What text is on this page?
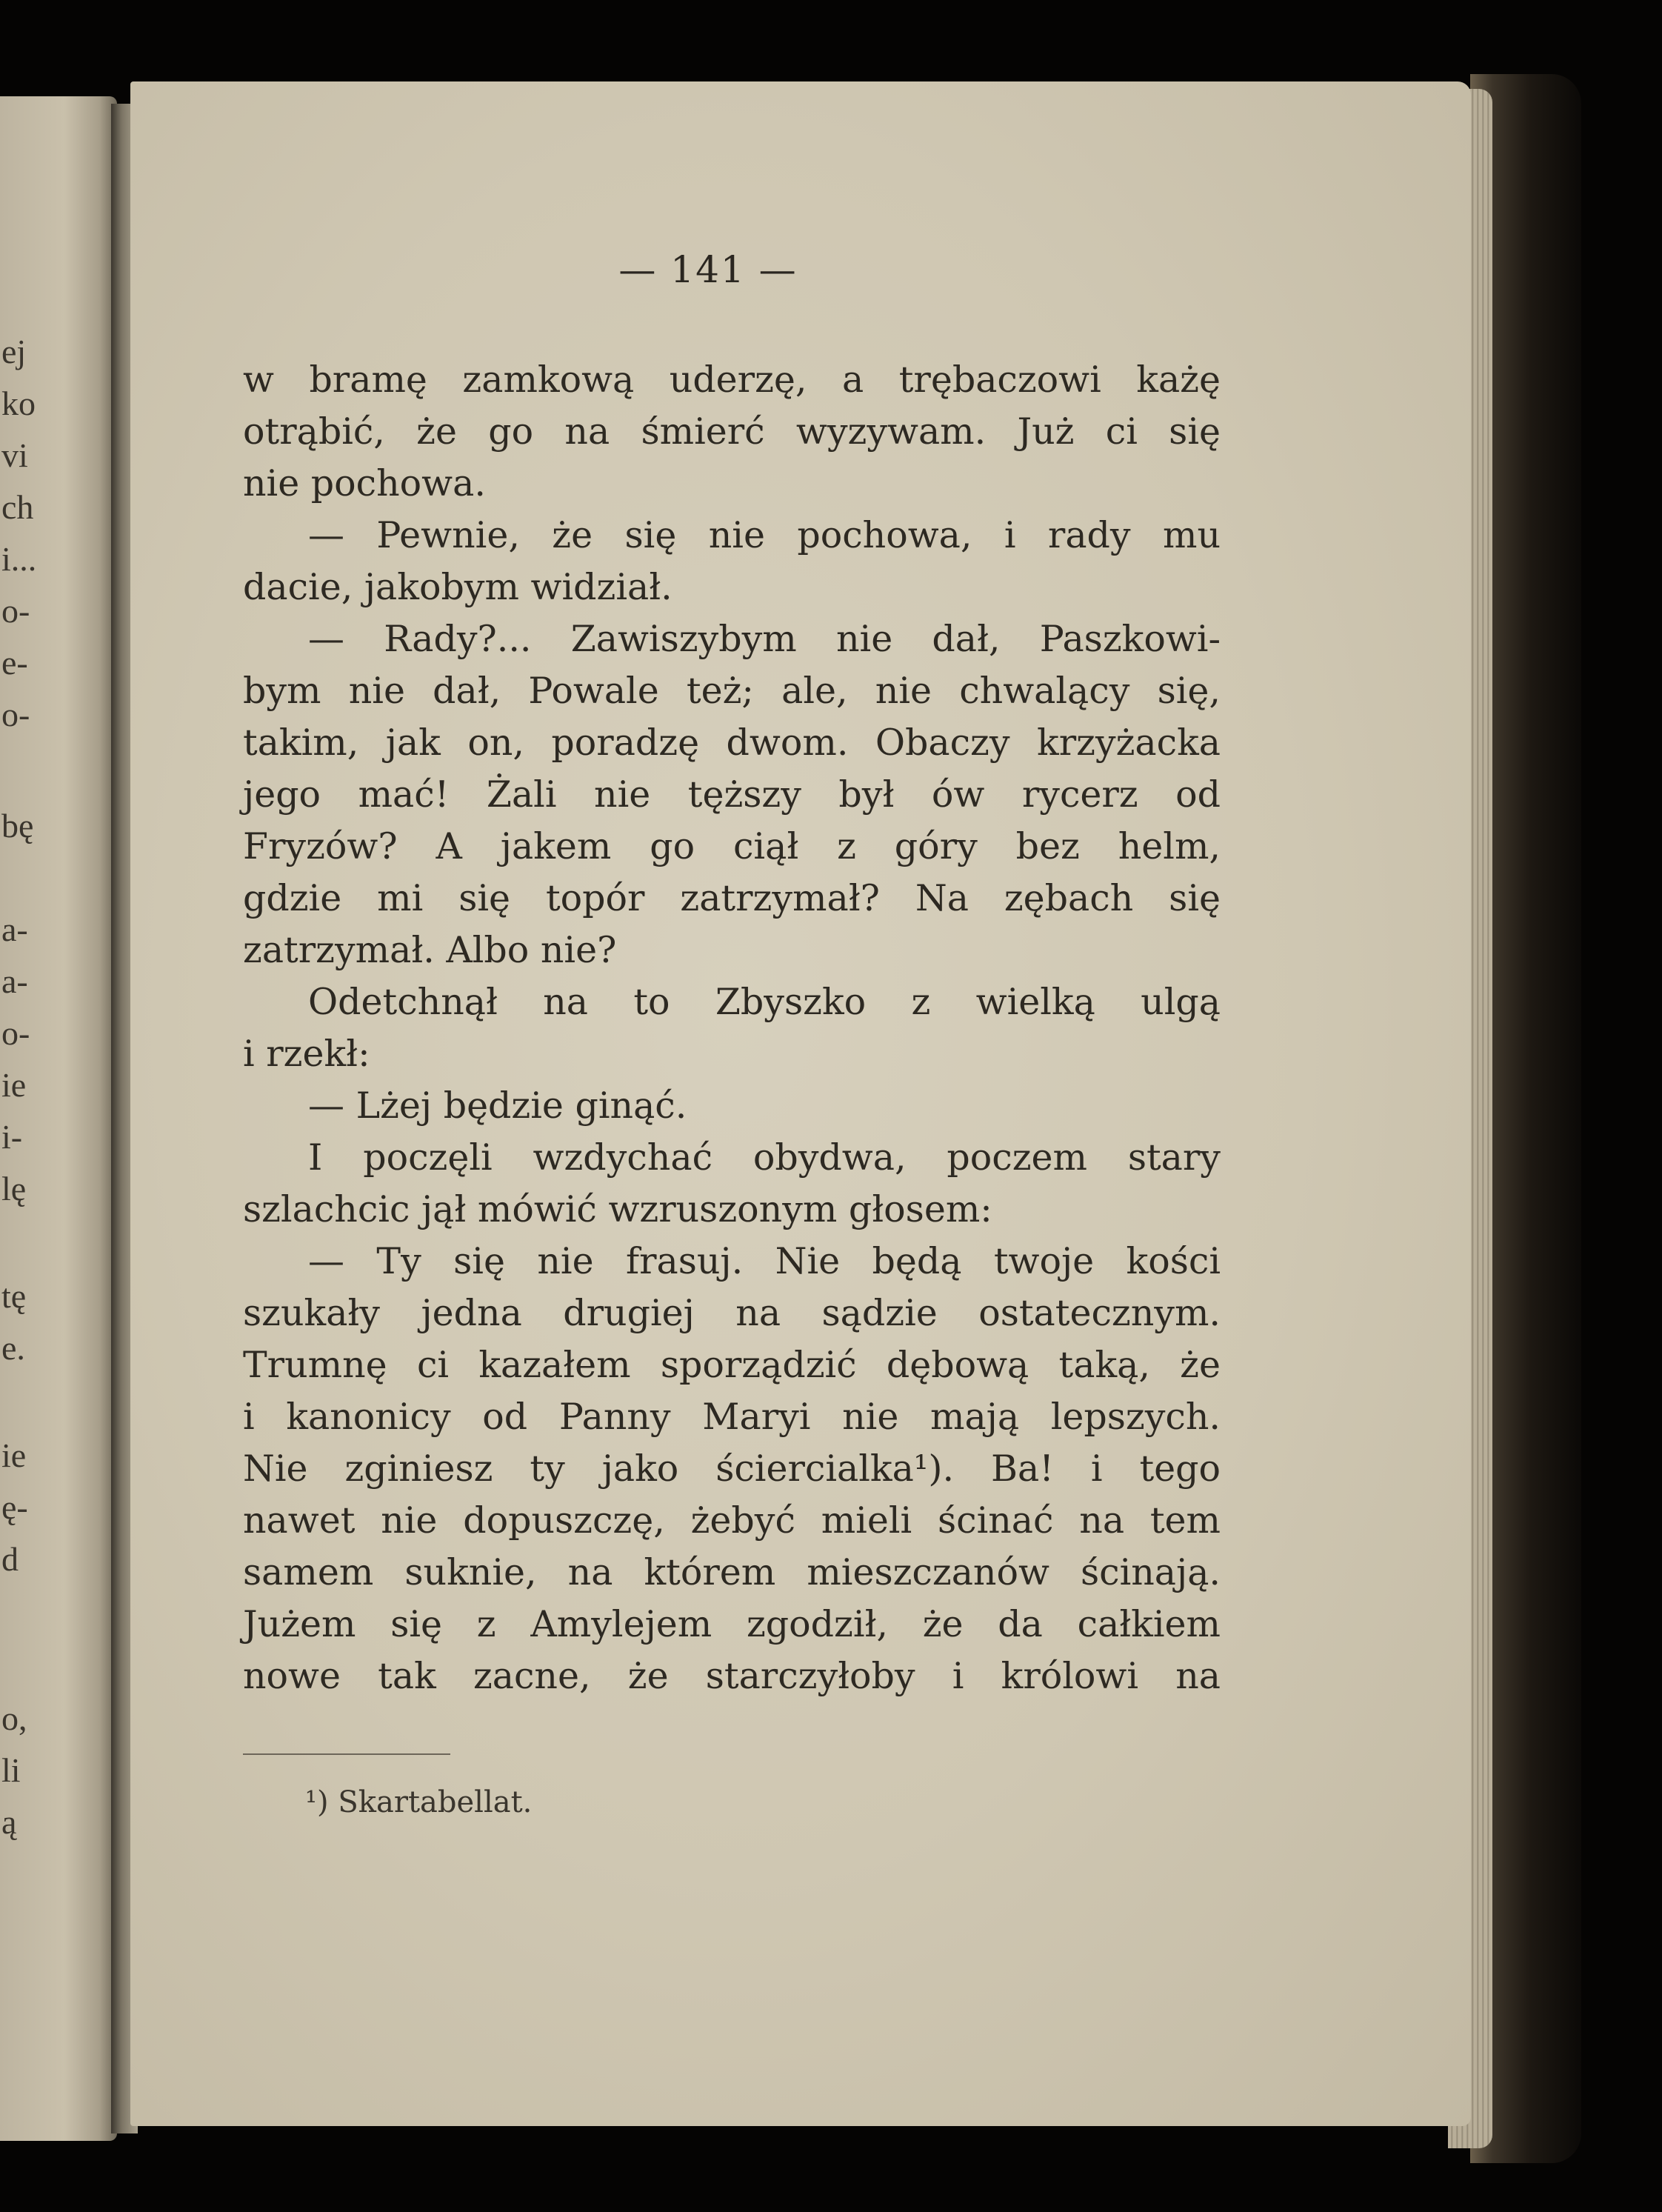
ej
ko
vi
ch
i...
o-
e-
o-
bę
a-
a-
o-
ie
i-
lę
tę
e.
ie
ę-
d
o,
li
ą
— 141 —
w bramę zamkową uderzę, a trębaczowi każę
otrąbić, że go na śmierć wyzywam. Już ci się
nie pochowa.
— Pewnie, że się nie pochowa, i rady mu
dacie, jakobym widział.
— Rady?... Zawiszybym nie dał, Paszkowi-
bym nie dał, Powale też; ale, nie chwalący się,
takim, jak on, poradzę dwom. Obaczy krzyżacka
jego mać! Żali nie tęższy był ów rycerz od
Fryzów? A jakem go ciął z góry bez helm,
gdzie mi się topór zatrzymał? Na zębach się
zatrzymał. Albo nie?
Odetchnął na to Zbyszko z wielką ulgą
i rzekł:
— Lżej będzie ginąć.
I poczęli wzdychać obydwa, poczem stary
szlachcic jął mówić wzruszonym głosem:
— Ty się nie frasuj. Nie będą twoje kości
szukały jedna drugiej na sądzie ostatecznym.
Trumnę ci kazałem sporządzić dębową taką, że
i kanonicy od Panny Maryi nie mają lepszych.
Nie zginiesz ty jako ściercialka¹). Ba! i tego
nawet nie dopuszczę, żebyć mieli ścinać na tem
samem suknie, na którem mieszczanów ścinają.
Jużem się z Amylejem zgodził, że da całkiem
nowe tak zacne, że starczyłoby i królowi na
¹) Skartabellat.
